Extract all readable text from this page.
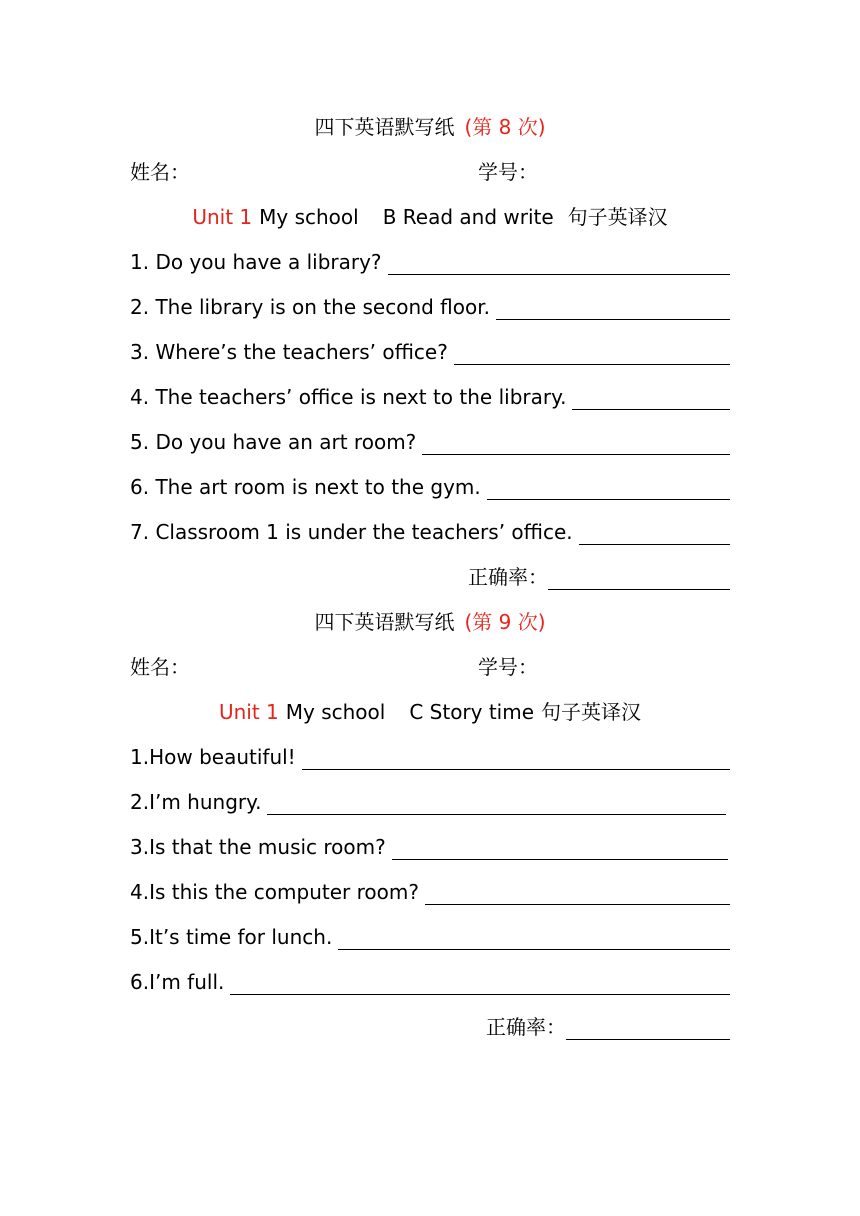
四下英语默写纸 (第 8 次)
姓名：	学号：
Unit 1 My school B Read and write 句子英译汉
1. Do you have a library?
2. The library is on the second floor.
3. Where’s the teachers’ office?
4. The teachers’ office is next to the library.
5. Do you have an art room?
6. The art room is next to the gym.
7. Classroom 1 is under the teachers’ office.
正确率：
四下英语默写纸 (第 9 次)
姓名：	学号：
Unit 1 My school C Story time 句子英译汉
1.How beautiful!
2.I’m hungry.
3.Is that the music room?
4.Is this the computer room?
5.It’s time for lunch.
6.I’m full.
正确率：
